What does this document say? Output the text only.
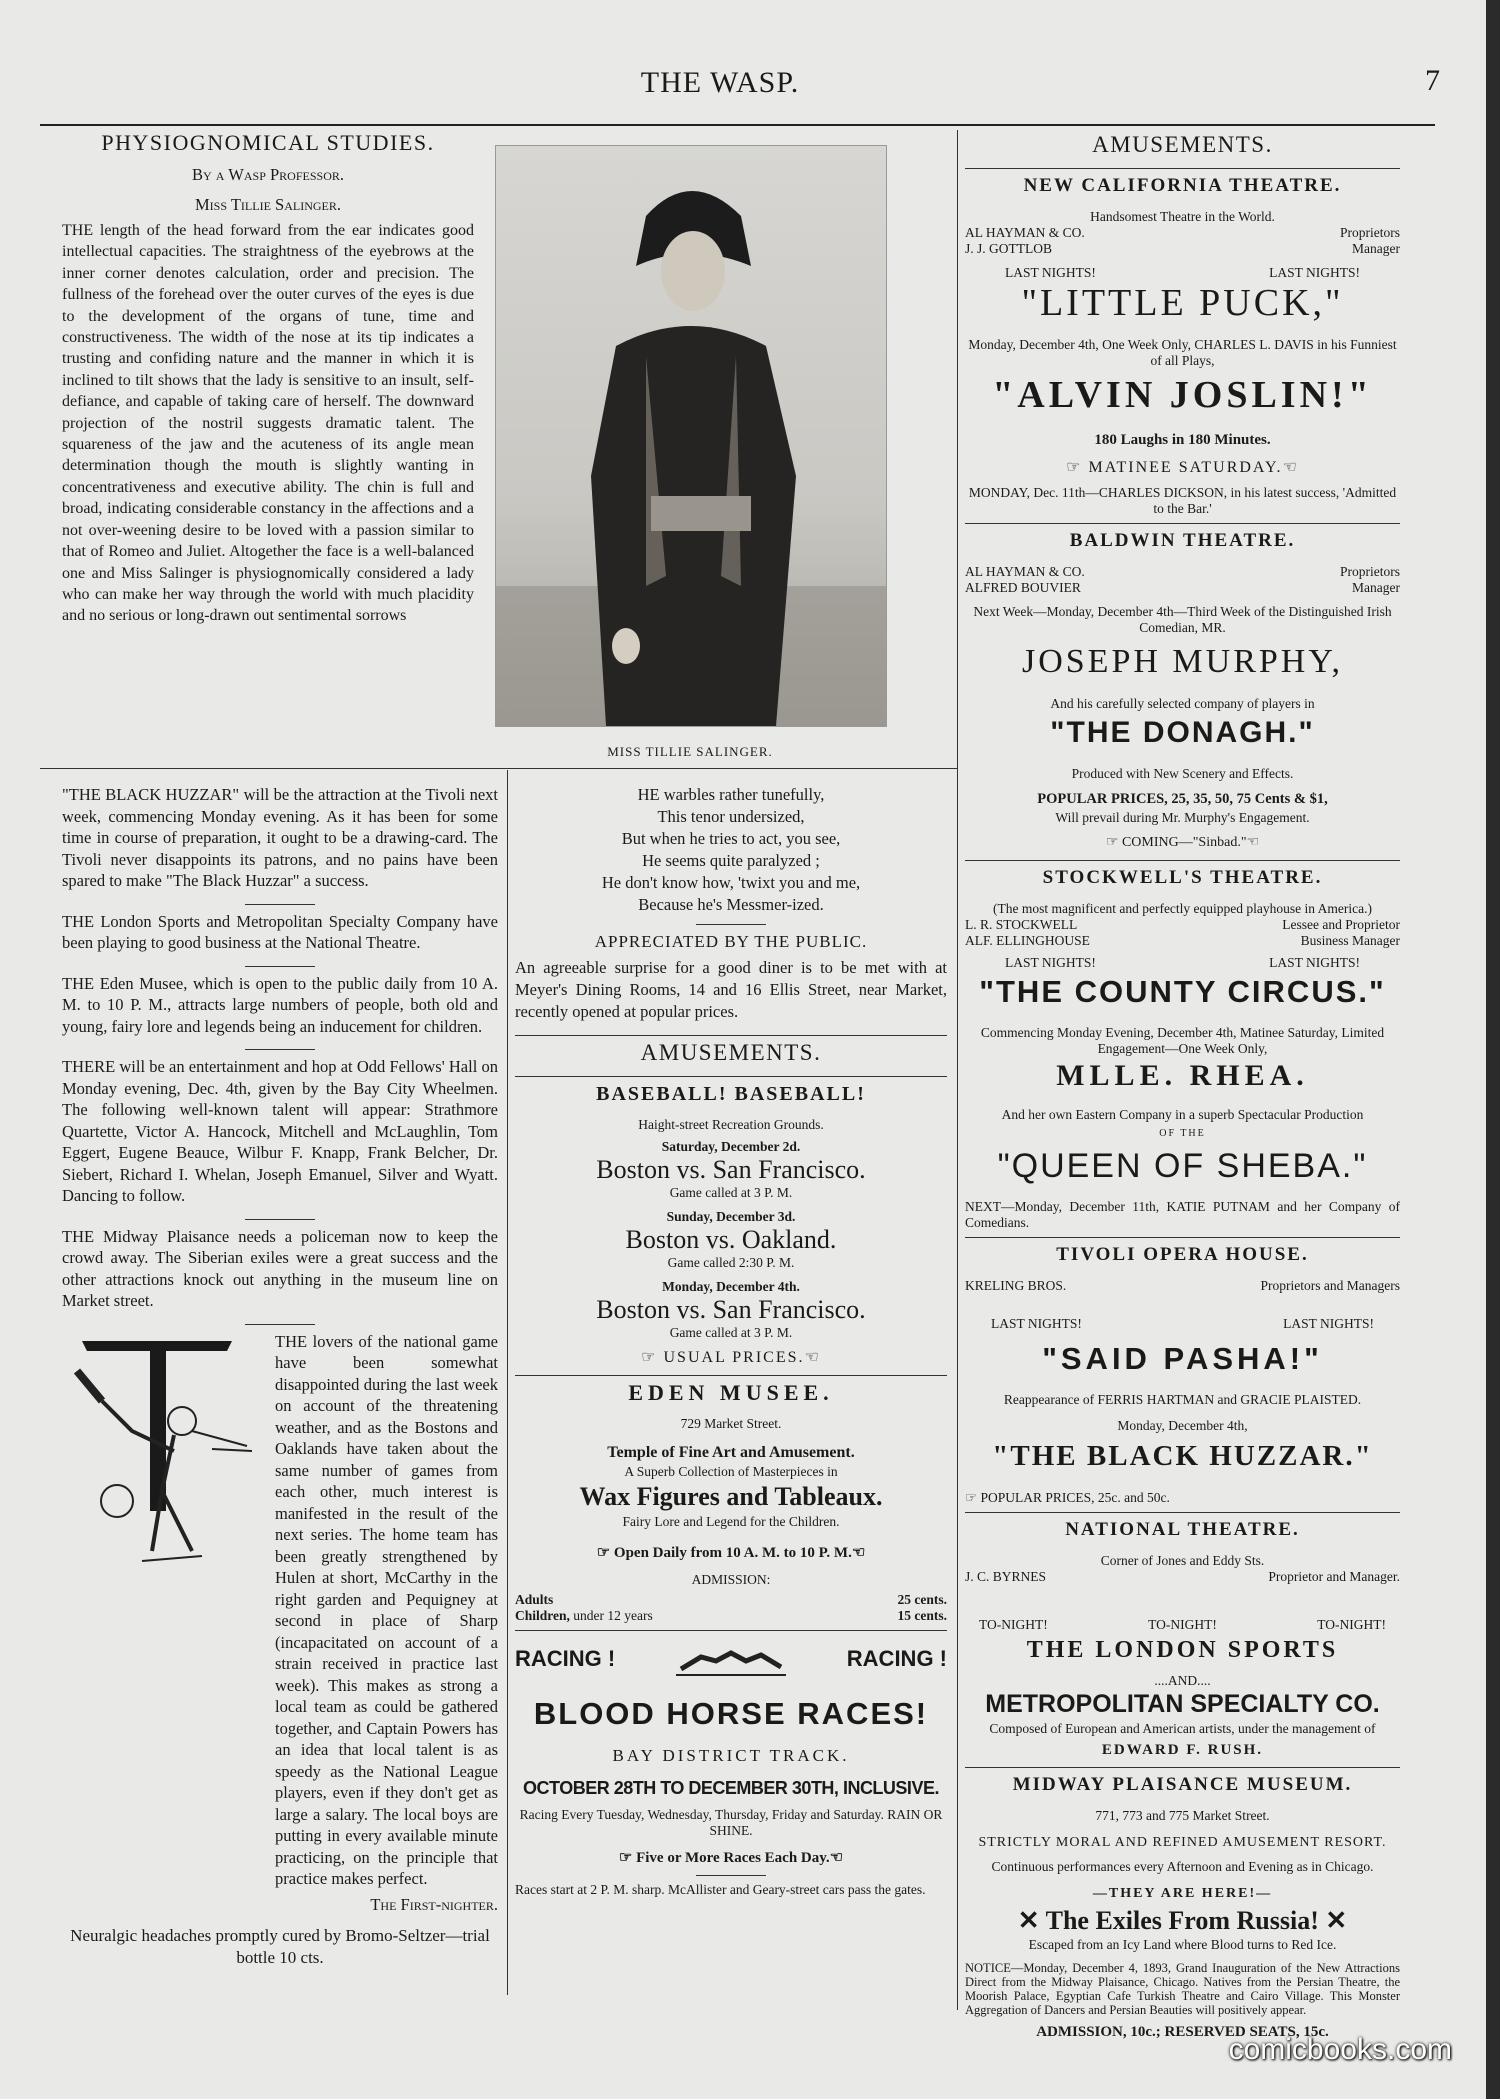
THE WASP.	7

PHYSIOGNOMICAL STUDIES.

By a Wasp Professor.

Miss Tillie Salinger.

THE length of the head forward from the ear indicates good intellectual capacities. The straightness of the eyebrows at the inner corner denotes calculation, order and precision. The fullness of the forehead over the outer curves of the eyes is due to the development of the organs of tune, time and constructiveness. The width of the nose at its tip indicates a trusting and confiding nature and the manner in which it is inclined to tilt shows that the lady is sensitive to an insult, self-defiance, and capable of taking care of herself. The downward projection of the nostril suggests dramatic talent. The squareness of the jaw and the acuteness of its angle mean determination though the mouth is slightly wanting in concentrativeness and executive ability. The chin is full and broad, indicating considerable constancy in the affections and a not over-weening desire to be loved with a passion similar to that of Romeo and Juliet. Altogether the face is a well-balanced one and Miss Salinger is physiognomically considered a lady who can make her way through the world with much placidity and no serious or long-drawn out sentimental sorrows

MISS TILLIE SALINGER.

"THE BLACK HUZZAR" will be the attraction at the Tivoli next week, commencing Monday evening. As it has been for some time in course of preparation, it ought to be a drawing-card. The Tivoli never disappoints its patrons, and no pains have been spared to make "The Black Huzzar" a success.

THE London Sports and Metropolitan Specialty Company have been playing to good business at the National Theatre.

THE Eden Musee, which is open to the public daily from 10 A. M. to 10 P. M., attracts large numbers of people, both old and young, fairy lore and legends being an inducement for children.

THERE will be an entertainment and hop at Odd Fellows' Hall on Monday evening, Dec. 4th, given by the Bay City Wheelmen. The following well-known talent will appear: Strathmore Quartette, Victor A. Hancock, Mitchell and McLaughlin, Tom Eggert, Eugene Beauce, Wilbur F. Knapp, Frank Belcher, Dr. Siebert, Richard I. Whelan, Joseph Emanuel, Silver and Wyatt. Dancing to follow.

THE Midway Plaisance needs a policeman now to keep the crowd away. The Siberian exiles were a great success and the other attractions knock out anything in the museum line on Market street.

THE lovers of the national game have been somewhat disappointed during the last week on account of the threatening weather, and as the Bostons and Oaklands have taken about the same number of games from each other, much interest is manifested in the result of the next series. The home team has been greatly strengthened by Hulen at short, McCarthy in the right garden and Pequigney at second in place of Sharp (incapacitated on account of a strain received in practice last week). This makes as strong a local team as could be gathered together, and Captain Powers has an idea that local talent is as speedy as the National League players, even if they don't get as large a salary. The local boys are putting in every available minute practicing, on the principle that practice makes perfect.

The First-nighter.

Neuralgic headaches promptly cured by Bromo-Seltzer—trial bottle 10 cts.

HE warbles rather tunefully,
This tenor undersized,
But when he tries to act, you see,
He seems quite paralyzed ;
He don't know how, 'twixt you and me,
Because he's Messmer-ized.

APPRECIATED BY THE PUBLIC.

An agreeable surprise for a good diner is to be met with at Meyer's Dining Rooms, 14 and 16 Ellis Street, near Market, recently opened at popular prices.

AMUSEMENTS.

BASEBALL! BASEBALL!

Haight-street Recreation Grounds.

Saturday, December 2d.

Boston vs. San Francisco.

Game called at 3 P. M.

Sunday, December 3d.

Boston vs. Oakland.

Game called 2:30 P. M.

Monday, December 4th.

Boston vs. San Francisco.

Game called at 3 P. M.

☞ USUAL PRICES.☜

EDEN MUSEE.

729 Market Street.

Temple of Fine Art and Amusement.

A Superb Collection of Masterpieces in

Wax Figures and Tableaux.

Fairy Lore and Legend for the Children.

☞ Open Daily from 10 A. M. to 10 P. M.☜

ADMISSION:

Adults	25 cents.
Children, under 12 years	15 cents.
RACING !	RACING !

BLOOD HORSE RACES!

BAY DISTRICT TRACK.

OCTOBER 28TH TO DECEMBER 30TH, INCLUSIVE.

Racing Every Tuesday, Wednesday, Thursday, Friday and Saturday. RAIN OR SHINE.

☞ Five or More Races Each Day.☜

Races start at 2 P. M. sharp. McAllister and Geary-street cars pass the gates.

AMUSEMENTS.

NEW CALIFORNIA THEATRE.

Handsomest Theatre in the World.

AL HAYMAN & CO.	Proprietors
J. J. GOTTLOB	Manager
LAST NIGHTS!	LAST NIGHTS!

"LITTLE PUCK,"

Monday, December 4th, One Week Only, CHARLES L. DAVIS in his Funniest of all Plays,

"ALVIN JOSLIN!"

180 Laughs in 180 Minutes.

☞ MATINEE SATURDAY.☜

MONDAY, Dec. 11th—CHARLES DICKSON, in his latest success, 'Admitted to the Bar.'

BALDWIN THEATRE.

AL HAYMAN & CO.	Proprietors
ALFRED BOUVIER	Manager

Next Week—Monday, December 4th—Third Week of the Distinguished Irish Comedian, MR.

JOSEPH MURPHY,

And his carefully selected company of players in

"THE DONAGH."

Produced with New Scenery and Effects.

POPULAR PRICES, 25, 35, 50, 75 Cents & $1,

Will prevail during Mr. Murphy's Engagement.

☞ COMING—"Sinbad."☜

STOCKWELL'S THEATRE.

(The most magnificent and perfectly equipped playhouse in America.)

L. R. STOCKWELL	Lessee and Proprietor
ALF. ELLINGHOUSE	Business Manager
LAST NIGHTS!	LAST NIGHTS!

"THE COUNTY CIRCUS."

Commencing Monday Evening, December 4th, Matinee Saturday, Limited Engagement—One Week Only,

MLLE. RHEA.

And her own Eastern Company in a superb Spectacular Production

OF THE

"QUEEN OF SHEBA."

NEXT—Monday, December 11th, KATIE PUTNAM and her Company of Comedians.

TIVOLI OPERA HOUSE.

KRELING BROS.	Proprietors and Managers
LAST NIGHTS!	LAST NIGHTS!

"SAID PASHA!"

Reappearance of FERRIS HARTMAN and GRACIE PLAISTED.

Monday, December 4th,

"THE BLACK HUZZAR."

☞ POPULAR PRICES, 25c. and 50c.

NATIONAL THEATRE.

Corner of Jones and Eddy Sts.

J. C. BYRNES	Proprietor and Manager.
TO-NIGHT!	TO-NIGHT!	TO-NIGHT!

THE LONDON SPORTS

....AND....

METROPOLITAN SPECIALTY CO.

Composed of European and American artists, under the management of

EDWARD F. RUSH.

MIDWAY PLAISANCE MUSEUM.

771, 773 and 775 Market Street.

STRICTLY MORAL AND REFINED AMUSEMENT RESORT.

Continuous performances every Afternoon and Evening as in Chicago.

—THEY ARE HERE!—

✕ The Exiles From Russia! ✕

Escaped from an Icy Land where Blood turns to Red Ice.

NOTICE—Monday, December 4, 1893, Grand Inauguration of the New Attractions Direct from the Midway Plaisance, Chicago. Natives from the Persian Theatre, the Moorish Palace, Egyptian Cafe Turkish Theatre and Cairo Village. This Monster Aggregation of Dancers and Persian Beauties will positively appear.

ADMISSION, 10c.; RESERVED SEATS, 15c.

comicbooks.com
